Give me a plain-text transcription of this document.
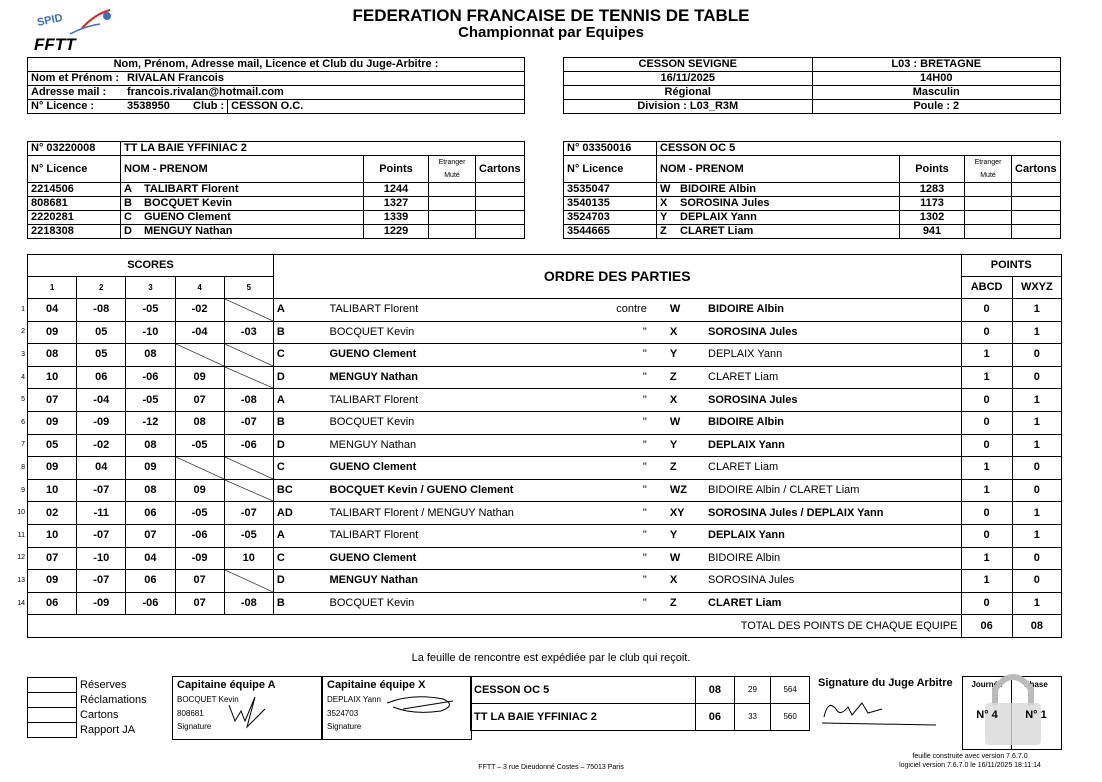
SPID
FFTT
FEDERATION FRANCAISE DE TENNIS DE TABLE
Championnat par Equipes
Nom, Prénom, Adresse mail, Licence et Club du Juge-Arbitre :			
Nom et Prénom :	RIVALAN Francois		
Adresse mail :	francois.rivalan@hotmail.com		
N° Licence :	3538950	Club :	CESSON O.C.
CESSON SEVIGNE	L03 : BRETAGNE
16/11/2025	14H00
Régional	Masculin
Division : L03_R3M	Poule : 2
N° 03220008	TT LA BAIE YFFINIAC 2				
N° Licence	NOM - PRENOM		Points	Etranger Muté	Cartons
2214506	A	TALIBART Florent	1244		
808681	B	BOCQUET Kevin	1327		
2220281	C	GUENO Clement	1339		
2218308	D	MENGUY Nathan	1229		
N° 03350016	CESSON OC 5				
N° Licence	NOM - PRENOM		Points	Etranger Muté	Cartons
3535047	W	BIDOIRE Albin	1283		
3540135	X	SOROSINA Jules	1173		
3524703	Y	DEPLAIX Yann	1302		
3544665	Z	CLARET Liam	941		
SCORES					ORDRE DES PARTIES					POINTS	
1	2	3	4	5						ABCD	WXYZ
04	-08	-05	-02		A	TALIBART Florent	contre	W	BIDOIRE Albin	0	1
09	05	-10	-04	-03	B	BOCQUET Kevin	"	X	SOROSINA Jules	0	1
08	05	08			C	GUENO Clement	"	Y	DEPLAIX Yann	1	0
10	06	-06	09		D	MENGUY Nathan	"	Z	CLARET Liam	1	0
07	-04	-05	07	-08	A	TALIBART Florent	"	X	SOROSINA Jules	0	1
09	-09	-12	08	-07	B	BOCQUET Kevin	"	W	BIDOIRE Albin	0	1
05	-02	08	-05	-06	D	MENGUY Nathan	"	Y	DEPLAIX Yann	0	1
09	04	09			C	GUENO Clement	"	Z	CLARET Liam	1	0
10	-07	08	09		BC	BOCQUET Kevin / GUENO Clement	"	WZ	BIDOIRE Albin / CLARET Liam	1	0
02	-11	06	-05	-07	AD	TALIBART Florent / MENGUY Nathan	"	XY	SOROSINA Jules / DEPLAIX Yann	0	1
10	-07	07	-06	-05	A	TALIBART Florent	"	Y	DEPLAIX Yann	0	1
07	-10	04	-09	10	C	GUENO Clement	"	W	BIDOIRE Albin	1	0
09	-07	06	07		D	MENGUY Nathan	"	X	SOROSINA Jules	1	0
06	-09	-06	07	-08	B	BOCQUET Kevin	"	Z	CLARET Liam	0	1
TOTAL DES POINTS DE CHAQUE EQUIPE										06	08
1
2
3
4
5
6
7
8
9
10
11
12
13
14
La feuille de rencontre est expédiée par le club qui reçoit.
	Réserves
	Réclamations
	Cartons
	Rapport JA
Capitaine équipe A
BOCQUET Kevin
808681
Signature
Capitaine équipe X
DEPLAIX Yann
3524703
Signature
CESSON OC 5	08	29	564
TT LA BAIE YFFINIAC 2	06	33	560
Signature du Juge Arbitre	Journée	Phase
N° 4	N° 1
feuille construite avec version 7.6.7.0
logiciel version 7.6.7.0 le 16/11/2025 18:11:14
FFTT – 3 rue Dieudonné Costes – 75013 Paris
